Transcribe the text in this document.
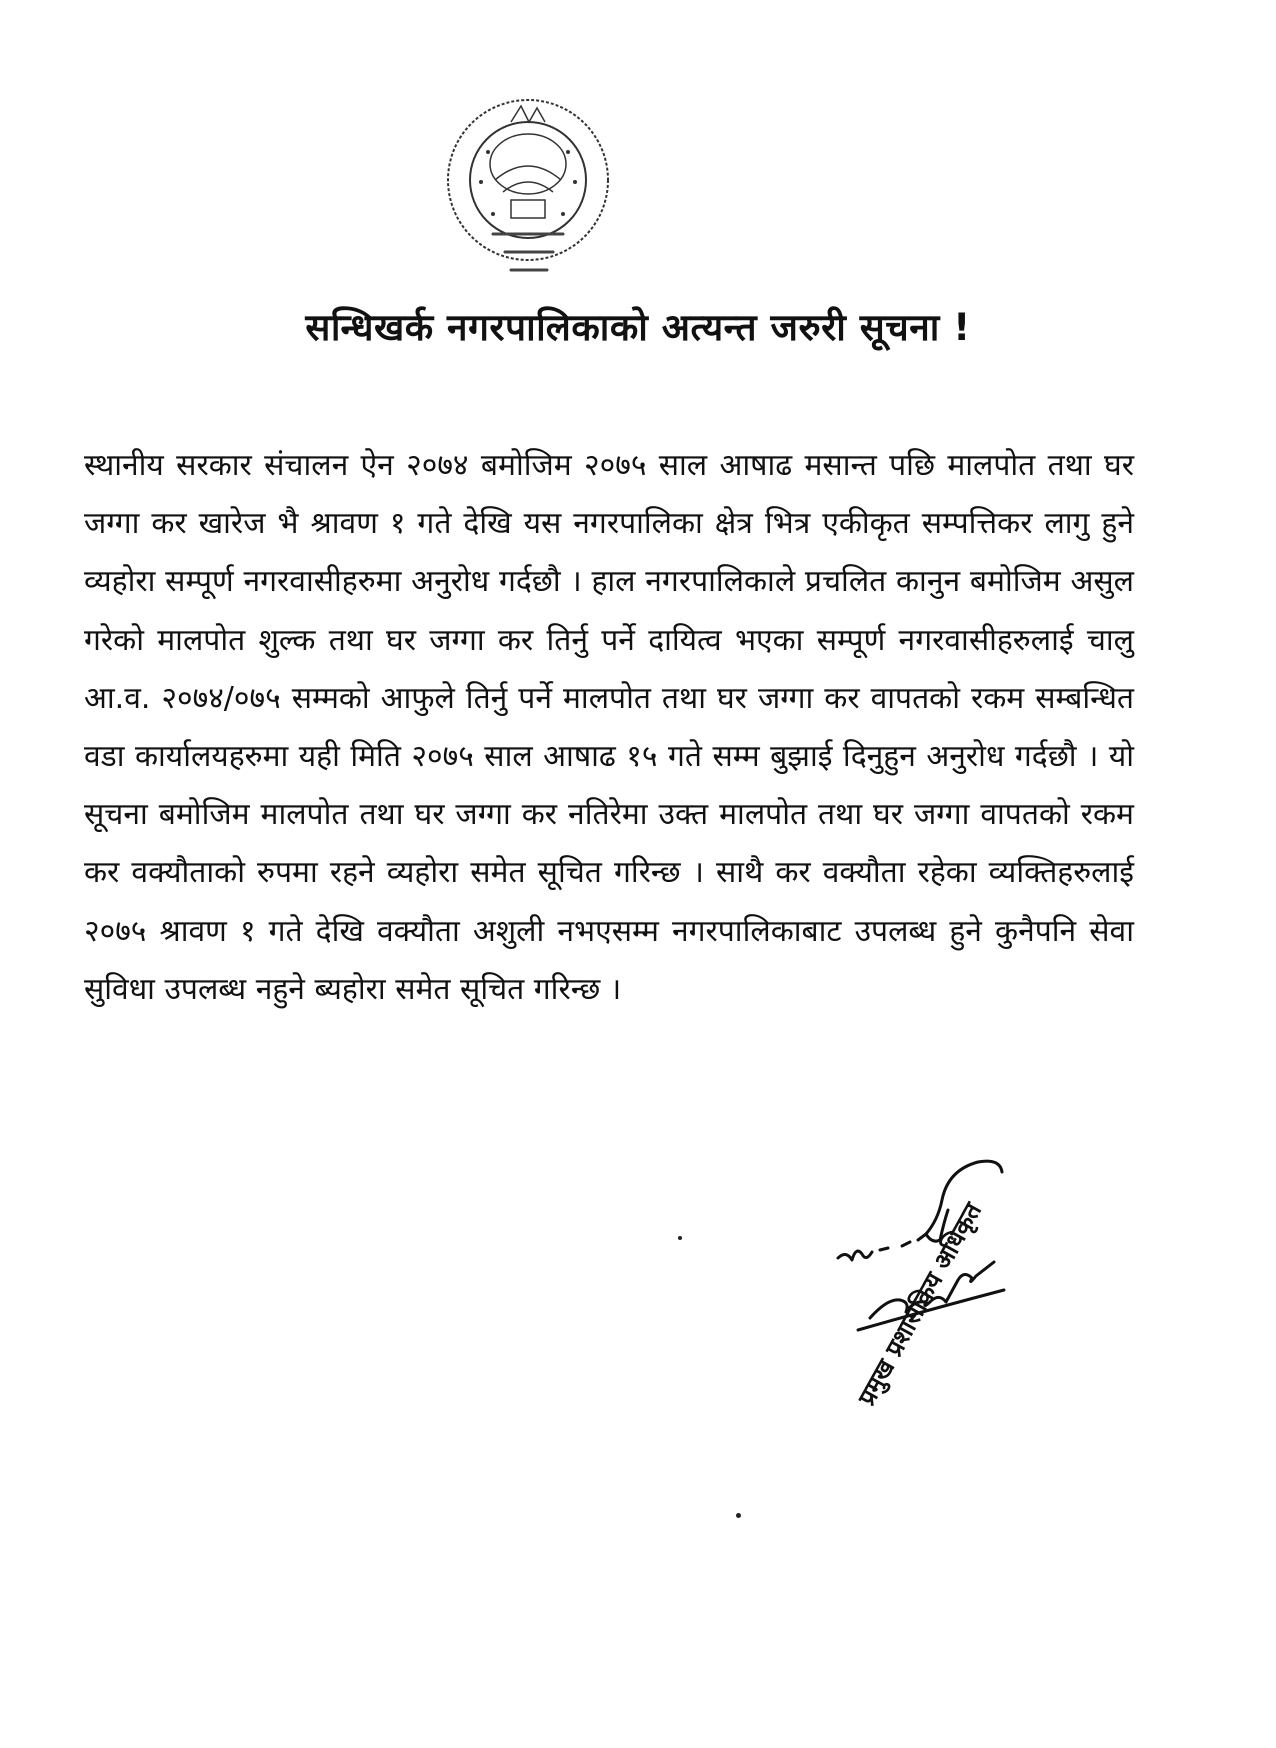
सन्धिखर्क नगरपालिकाको अत्यन्त जरुरी सूचना !

स्थानीय सरकार संचालन ऐन २०७४ बमोजिम २०७५ साल आषाढ मसान्त पछि मालपोत तथा घर जग्गा कर खारेज भै श्रावण १ गते देखि यस नगरपालिका क्षेत्र भित्र एकीकृत सम्पत्तिकर लागु हुने व्यहोरा सम्पूर्ण नगरवासीहरुमा अनुरोध गर्दछौ । हाल नगरपालिकाले प्रचलित कानुन बमोजिम असुल गरेको मालपोत शुल्क तथा घर जग्गा कर तिर्नु पर्ने दायित्व भएका सम्पूर्ण नगरवासीहरुलाई चालु आ.व. २०७४/०७५ सम्मको आफुले तिर्नु पर्ने मालपोत तथा घर जग्गा कर वापतको रकम सम्बन्धित वडा कार्यालयहरुमा यही मिति २०७५ साल आषाढ १५ गते सम्म बुझाई दिनुहुन अनुरोध गर्दछौ । यो सूचना बमोजिम मालपोत तथा घर जग्गा कर नतिरेमा उक्त मालपोत तथा घर जग्गा वापतको रकम कर वक्यौताको रुपमा रहने व्यहोरा समेत सूचित गरिन्छ । साथै कर वक्यौता रहेका व्यक्तिहरुलाई २०७५ श्रावण १ गते देखि वक्यौता अशुली नभएसम्म नगरपालिकाबाट उपलब्ध हुने कुनैपनि सेवा सुविधा उपलब्ध नहुने ब्यहोरा समेत सूचित गरिन्छ ।

प्रमुख प्रशासकिय अधिकृत
